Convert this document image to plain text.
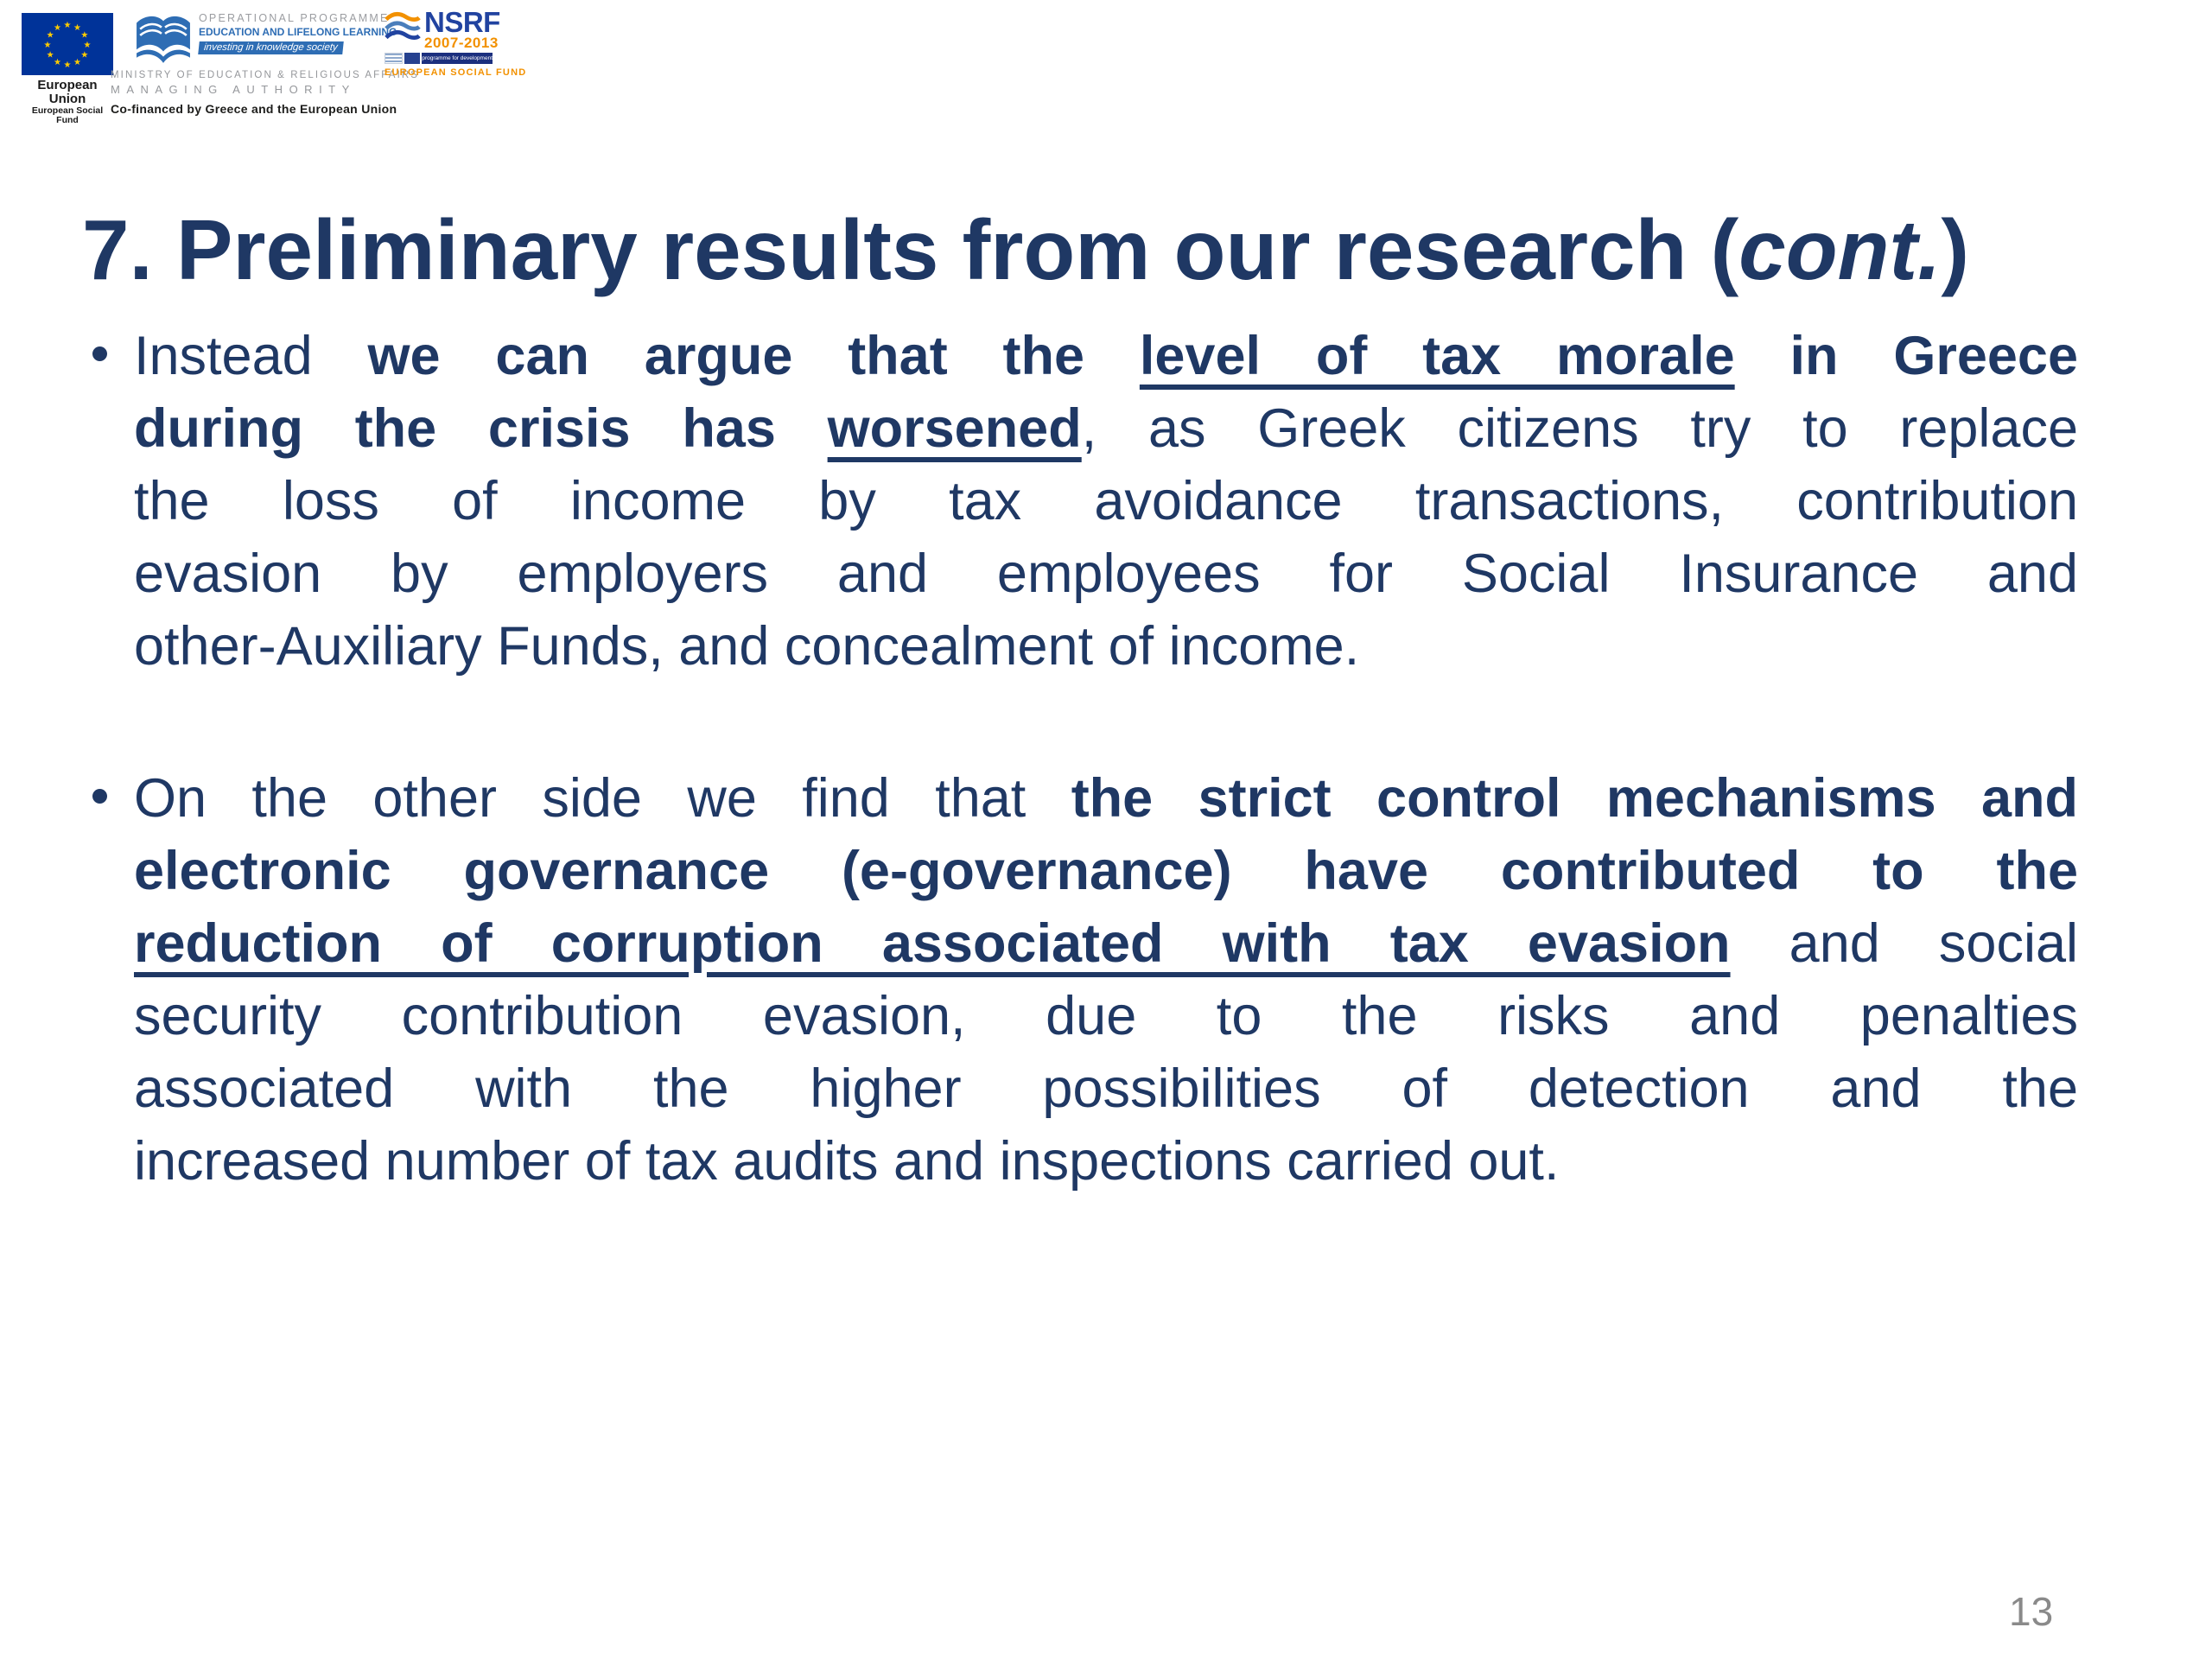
★ ★
★
★
★
★
★
★
★
★
★
★
European Union
European Social Fund
OPERATIONAL PROGRAMME
EDUCATION AND LIFELONG LEARNING
investing in knowledge society
MINISTRY OF EDUCATION & RELIGIOUS AFFAIRS
MANAGING AUTHORITY
Co-financed by Greece and the European Union
NSRF
2007-2013
programme for development
EUROPEAN SOCIAL FUND
7. Preliminary results from our research (cont.)
Instead we can argue that the level of tax morale in Greece
during the crisis has worsened, as Greek citizens try to replace
the loss of income by tax avoidance transactions, contribution
evasion by employers and employees for Social Insurance and
other-Auxiliary Funds, and concealment of income.
On the other side we find that the strict control mechanisms and
electronic governance (e-governance) have contributed to the
reduction of corruption associated with tax evasion and social
security contribution evasion, due to the risks and penalties
associated with the higher possibilities of detection and the
increased number of tax audits and inspections carried out.
13
